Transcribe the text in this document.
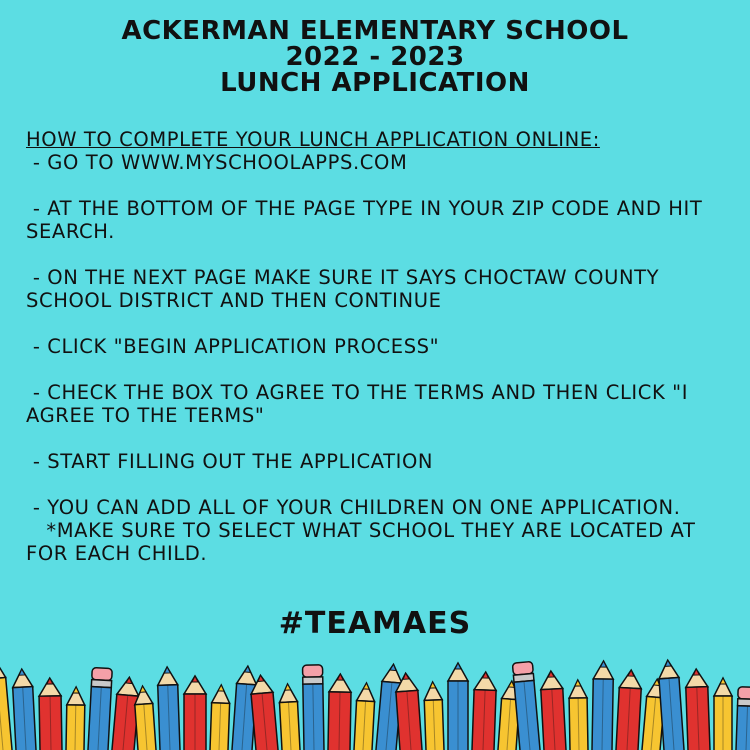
ACKERMAN ELEMENTARY SCHOOL
2022 - 2023
LUNCH APPLICATION
HOW TO COMPLETE YOUR LUNCH APPLICATION ONLINE:
- GO TO WWW.MYSCHOOLAPPS.COM
- AT THE BOTTOM OF THE PAGE TYPE IN YOUR ZIP CODE AND HIT SEARCH.
- ON THE NEXT PAGE MAKE SURE IT SAYS CHOCTAW COUNTY SCHOOL DISTRICT AND THEN CONTINUE
- CLICK "BEGIN APPLICATION PROCESS"
- CHECK THE BOX TO AGREE TO THE TERMS AND THEN CLICK "I AGREE TO THE TERMS"
- START FILLING OUT THE APPLICATION
- YOU CAN ADD ALL OF YOUR CHILDREN ON ONE APPLICATION.
*MAKE SURE TO SELECT WHAT SCHOOL THEY ARE LOCATED AT FOR EACH CHILD.
#TEAMAES
